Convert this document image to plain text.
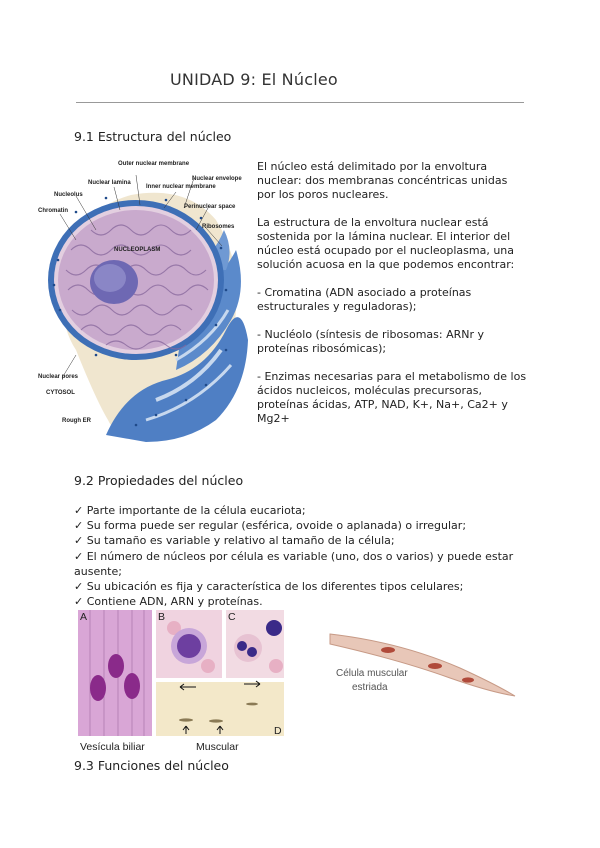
UNIDAD 9: El Núcleo
9.1 Estructura del núcleo
Outer nuclear membrane
Nuclear lamina
Inner nuclear membrane
Nuclear envelope
Nucleolus
Perinuclear space
Chromatin
Ribosomes
NUCLEOPLASM
Nuclear pores
CYTOSOL
Rough ER

El núcleo está delimitado por la envoltura nuclear: dos membranas concéntricas unidas por los poros nucleares.

La estructura de la envoltura nuclear está sostenida por la lámina nuclear. El interior del núcleo está ocupado por el nucleoplasma, una solución acuosa en la que podemos encontrar:

- Cromatina (ADN asociado a proteínas estructurales y reguladoras);

- Nucléolo (síntesis de ribosomas: ARNr y proteínas ribosómicas);

- Enzimas necesarias para el metabolismo de los ácidos nucleicos, moléculas precursoras, proteínas ácidas, ATP, NAD, K+, Na+, Ca2+ y Mg2+

9.2 Propiedades del núcleo
✓ Parte importante de la célula eucariota;
✓ Su forma puede ser regular (esférica, ovoide o aplanada) o irregular;
✓ Su tamaño es variable y relativo al tamaño de la célula;
✓ El número de núcleos por célula es variable (uno, dos o varios) y puede estar ausente;
✓ Su ubicación es fija y característica de los diferentes tipos celulares;
✓ Contiene ADN, ARN y proteínas.
A	B	C
D
Vesícula biliar	Muscular
Célula muscular
estriada
9.3 Funciones del núcleo
